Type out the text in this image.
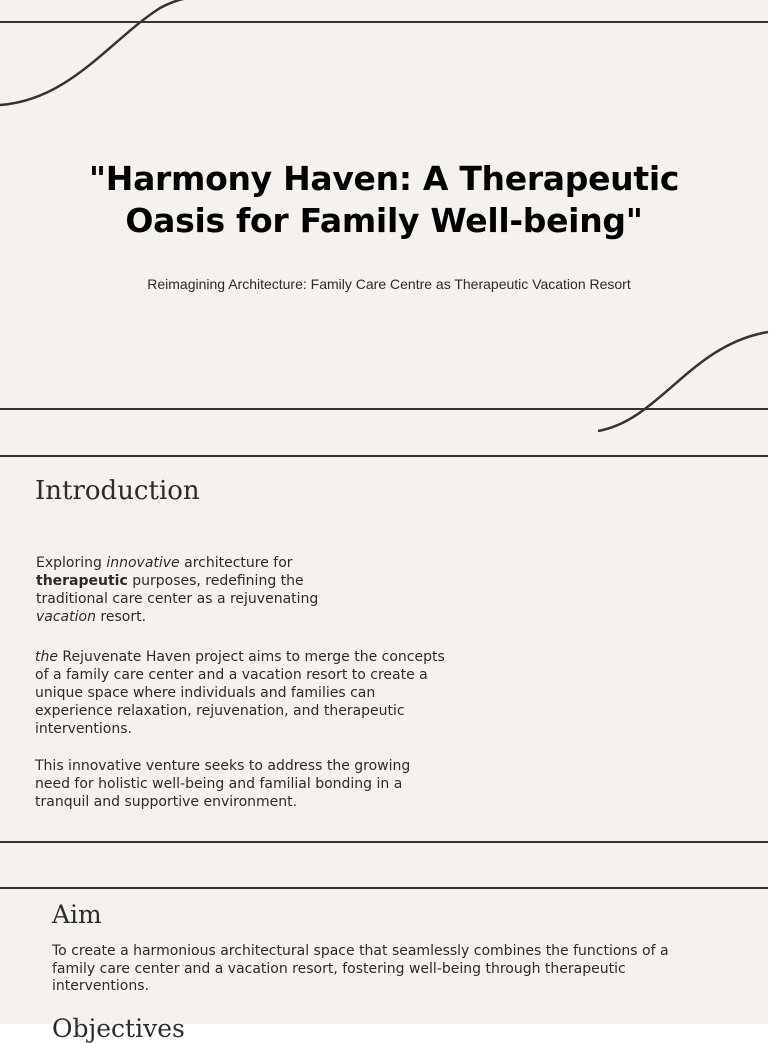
"Harmony Haven: A Therapeutic
Oasis for Family Well-being"
Reimagining Architecture: Family Care Centre as Therapeutic Vacation Resort
Introduction

Exploring innovative architecture for
therapeutic purposes, redefining the traditional care center as a rejuvenating vacation resort.

the Rejuvenate Haven project aims to merge the concepts of a family care center and a vacation resort to create a unique space where individuals and families can experience relaxation, rejuvenation, and therapeutic interventions.

This innovative venture seeks to address the growing need for holistic well-being and familial bonding in a tranquil and supportive environment.

Aim

To create a harmonious architectural space that seamlessly combines the functions of a family care center and a vacation resort, fostering well-being through therapeutic interventions.

Objectives
